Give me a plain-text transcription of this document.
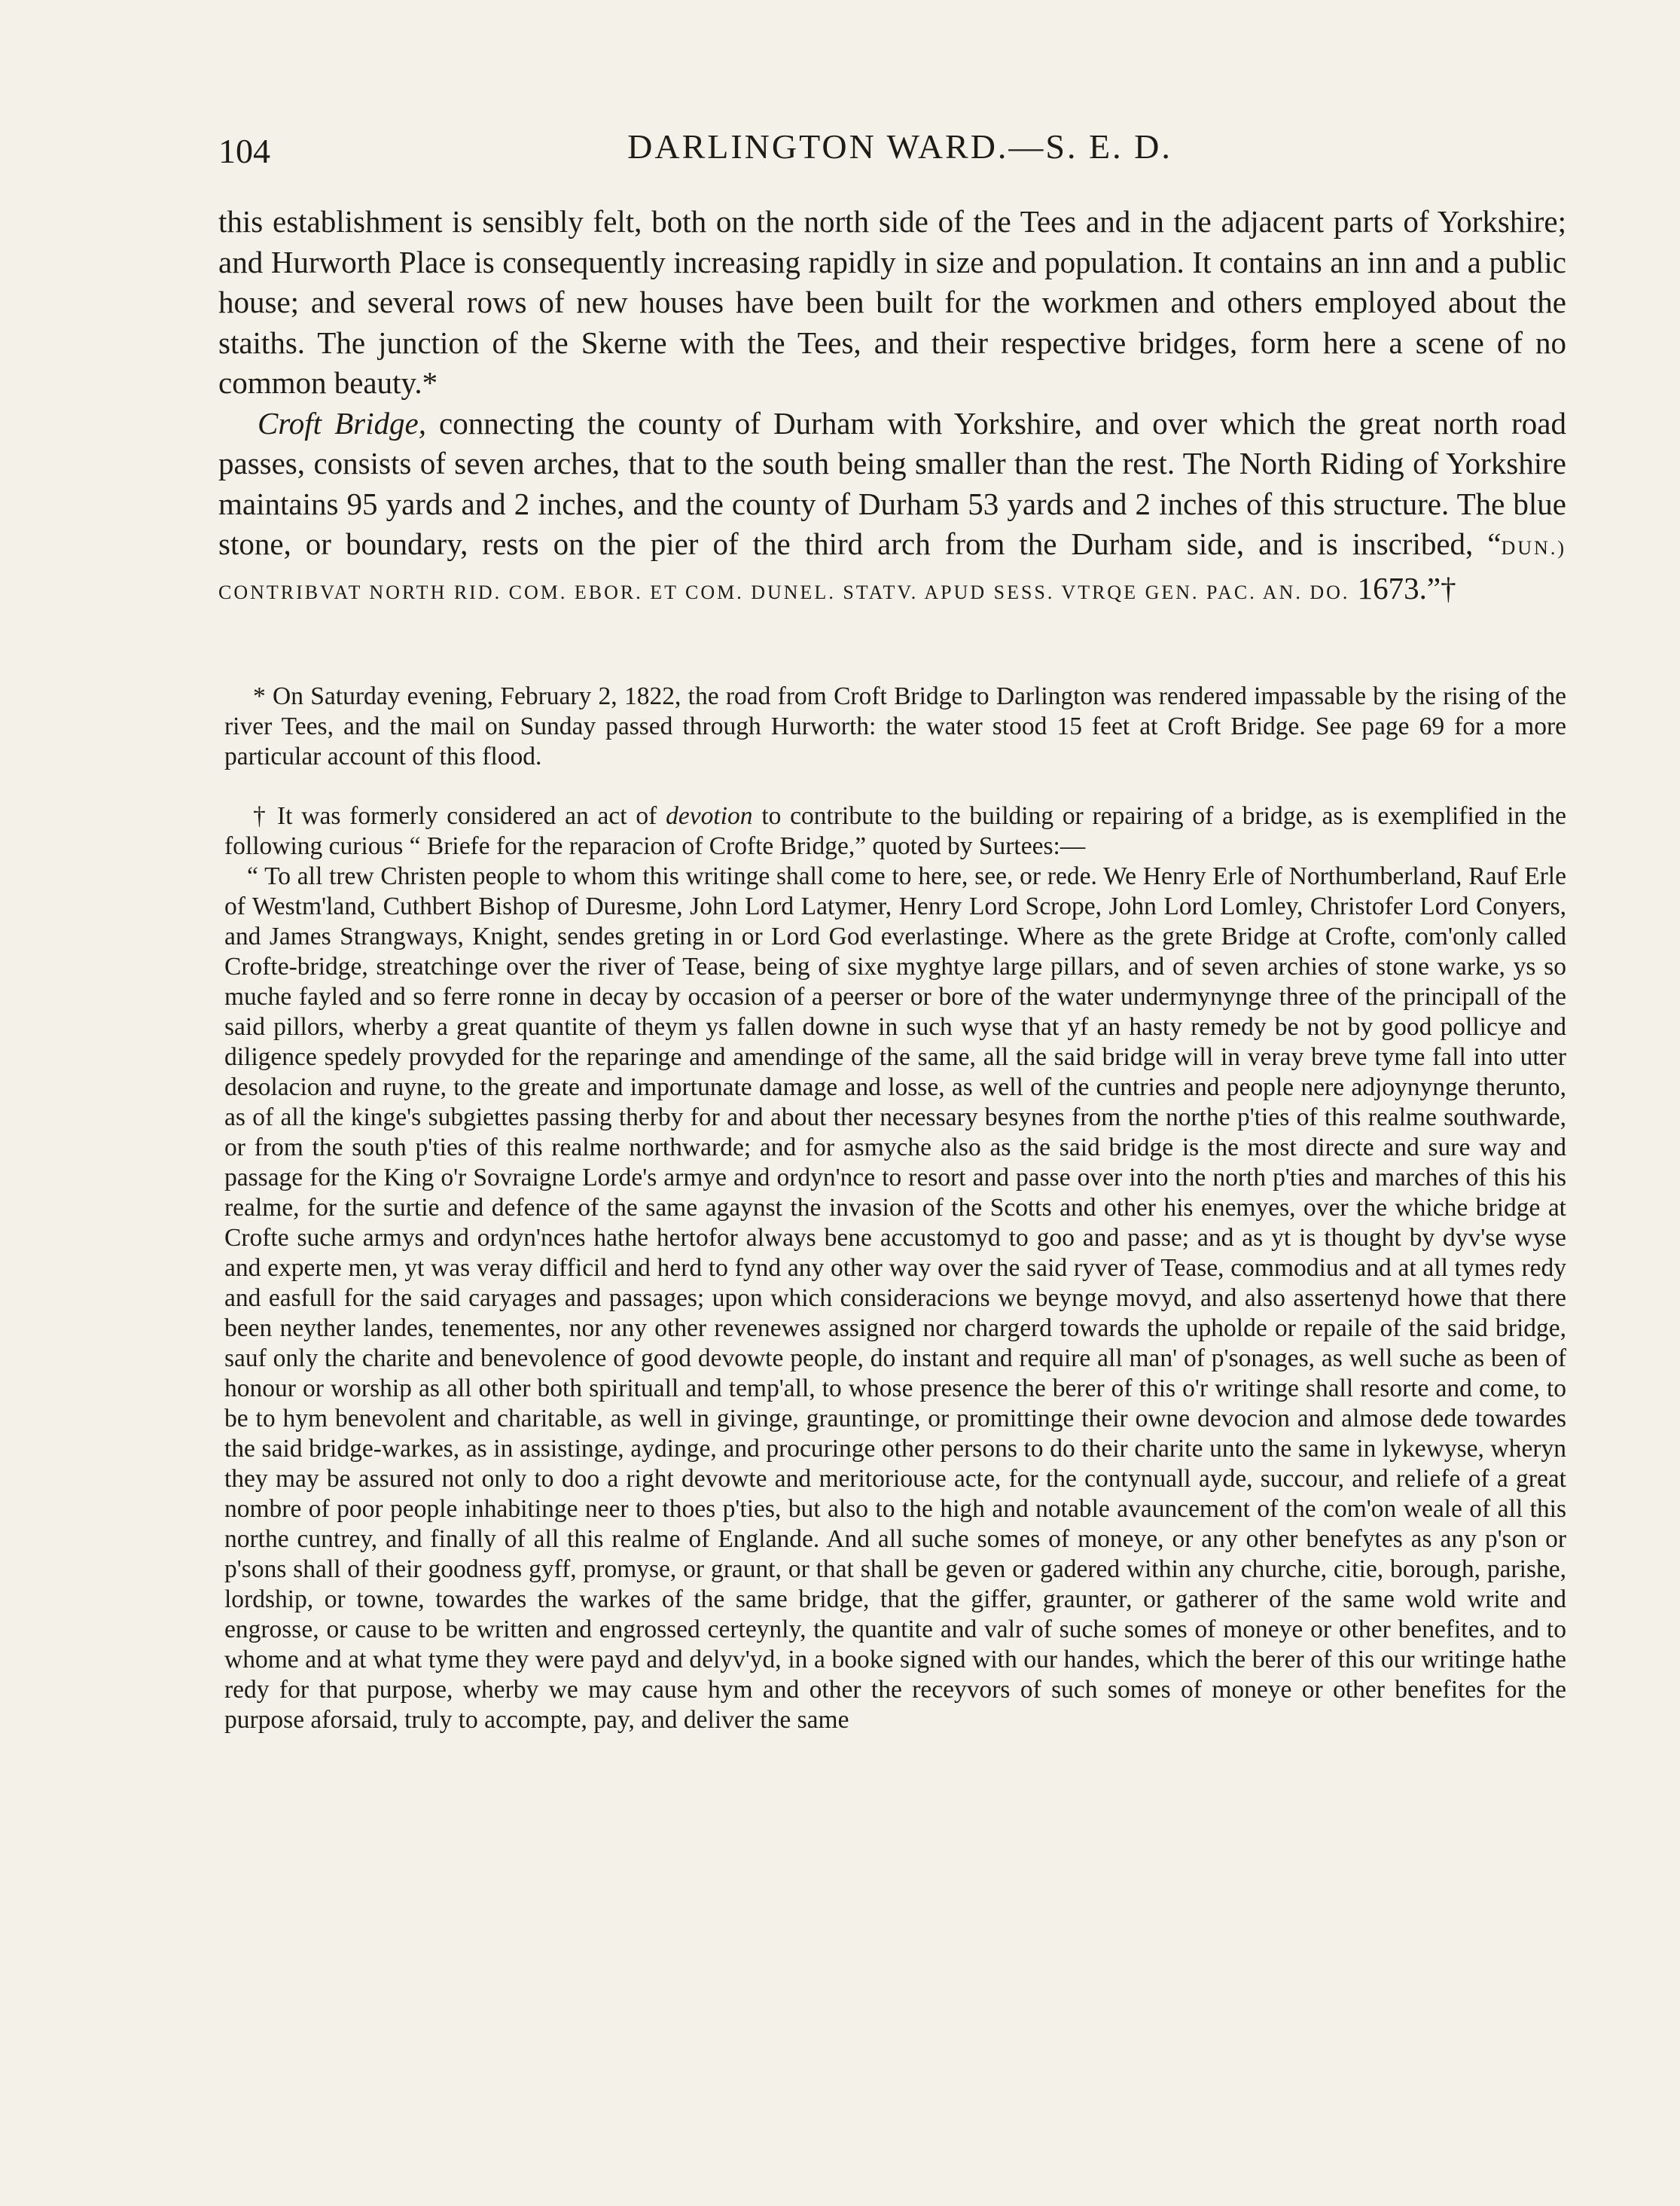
104	DARLINGTON WARD.—S. E. D.

this establishment is sensibly felt, both on the north side of the Tees and in the adjacent parts of Yorkshire; and Hurworth Place is consequently increasing rapidly in size and population. It contains an inn and a public house; and several rows of new houses have been built for the workmen and others employed about the staiths. The junction of the Skerne with the Tees, and their respective bridges, form here a scene of no common beauty.*

Croft Bridge, connecting the county of Durham with Yorkshire, and over which the great north road passes, consists of seven arches, that to the south being smaller than the rest. The North Riding of Yorkshire maintains 95 yards and 2 inches, and the county of Durham 53 yards and 2 inches of this structure. The blue stone, or boundary, rests on the pier of the third arch from the Durham side, and is inscribed, “DUN.) CONTRIBVAT NORTH RID. COM. EBOR. ET COM. DUNEL. STATV. APUD SESS. VTRQE GEN. PAC. AN. DO. 1673.”†

* On Saturday evening, February 2, 1822, the road from Croft Bridge to Darlington was rendered impassable by the rising of the river Tees, and the mail on Sunday passed through Hurworth: the water stood 15 feet at Croft Bridge. See page 69 for a more particular account of this flood.

† It was formerly considered an act of devotion to contribute to the building or repairing of a bridge, as is exemplified in the following curious “ Briefe for the reparacion of Crofte Bridge,” quoted by Surtees:—

“ To all trew Christen people to whom this writinge shall come to here, see, or rede. We Henry Erle of Northumberland, Rauf Erle of Westm'land, Cuthbert Bishop of Duresme, John Lord Latymer, Henry Lord Scrope, John Lord Lomley, Christofer Lord Conyers, and James Strangways, Knight, sendes greting in or Lord God everlastinge. Where as the grete Bridge at Crofte, com'only called Crofte-bridge, streatchinge over the river of Tease, being of sixe myghtye large pillars, and of seven archies of stone warke, ys so muche fayled and so ferre ronne in decay by occasion of a peerser or bore of the water undermynynge three of the principall of the said pillors, wherby a great quantite of theym ys fallen downe in such wyse that yf an hasty remedy be not by good pollicye and diligence spedely provyded for the reparinge and amendinge of the same, all the said bridge will in veray breve tyme fall into utter desolacion and ruyne, to the greate and importunate damage and losse, as well of the cuntries and people nere adjoynynge therunto, as of all the kinge's subgiettes passing therby for and about ther necessary besynes from the northe p'ties of this realme southwarde, or from the south p'ties of this realme northwarde; and for asmyche also as the said bridge is the most directe and sure way and passage for the King o'r Sovraigne Lorde's armye and ordyn'nce to resort and passe over into the north p'ties and marches of this his realme, for the surtie and defence of the same agaynst the invasion of the Scotts and other his enemyes, over the whiche bridge at Crofte suche armys and ordyn'nces hathe hertofor always bene accustomyd to goo and passe; and as yt is thought by dyv'se wyse and experte men, yt was veray difficil and herd to fynd any other way over the said ryver of Tease, commodius and at all tymes redy and easfull for the said caryages and passages; upon which consideracions we beynge movyd, and also assertenyd howe that there been neyther landes, tenementes, nor any other revenewes assigned nor chargerd towards the upholde or repaile of the said bridge, sauf only the charite and benevolence of good devowte people, do instant and require all man' of p'sonages, as well suche as been of honour or worship as all other both spirituall and temp'all, to whose presence the berer of this o'r writinge shall resorte and come, to be to hym benevolent and charitable, as well in givinge, grauntinge, or promittinge their owne devocion and almose dede towardes the said bridge-warkes, as in assistinge, aydinge, and procuringe other persons to do their charite unto the same in lykewyse, wheryn they may be assured not only to doo a right devowte and meritoriouse acte, for the contynuall ayde, succour, and reliefe of a great nombre of poor people inhabitinge neer to thoes p'ties, but also to the high and notable avauncement of the com'on weale of all this northe cuntrey, and finally of all this realme of Englande. And all suche somes of moneye, or any other benefytes as any p'son or p'sons shall of their goodness gyff, promyse, or graunt, or that shall be geven or gadered within any churche, citie, borough, parishe, lordship, or towne, towardes the warkes of the same bridge, that the giffer, graunter, or gatherer of the same wold write and engrosse, or cause to be written and engrossed certeynly, the quantite and valr of suche somes of moneye or other benefites, and to whome and at what tyme they were payd and delyv'yd, in a booke signed with our handes, which the berer of this our writinge hathe redy for that purpose, wherby we may cause hym and other the receyvors of such somes of moneye or other benefites for the purpose aforsaid, truly to accompte, pay, and deliver the same
